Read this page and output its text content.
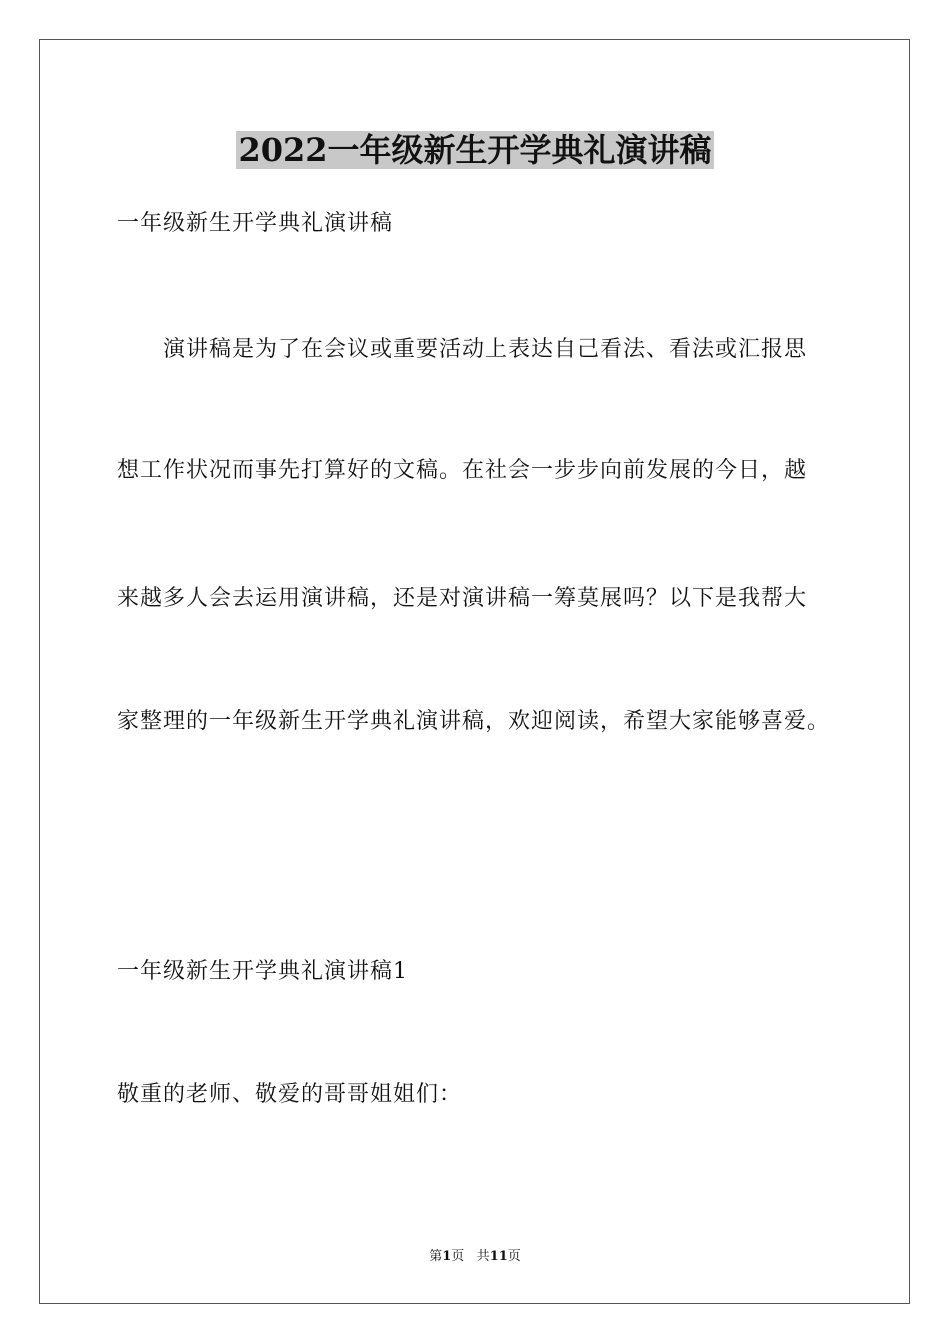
2022一年级新生开学典礼演讲稿
一年级新生开学典礼演讲稿
演讲稿是为了在会议或重要活动上表达自己看法、看法或汇报思
想工作状况而事先打算好的文稿。在社会一步步向前发展的今日，越
来越多人会去运用演讲稿，还是对演讲稿一筹莫展吗？以下是我帮大
家整理的一年级新生开学典礼演讲稿，欢迎阅读，希望大家能够喜爱。
一年级新生开学典礼演讲稿1
敬重的老师、敬爱的哥哥姐姐们：
第1页 共11页
